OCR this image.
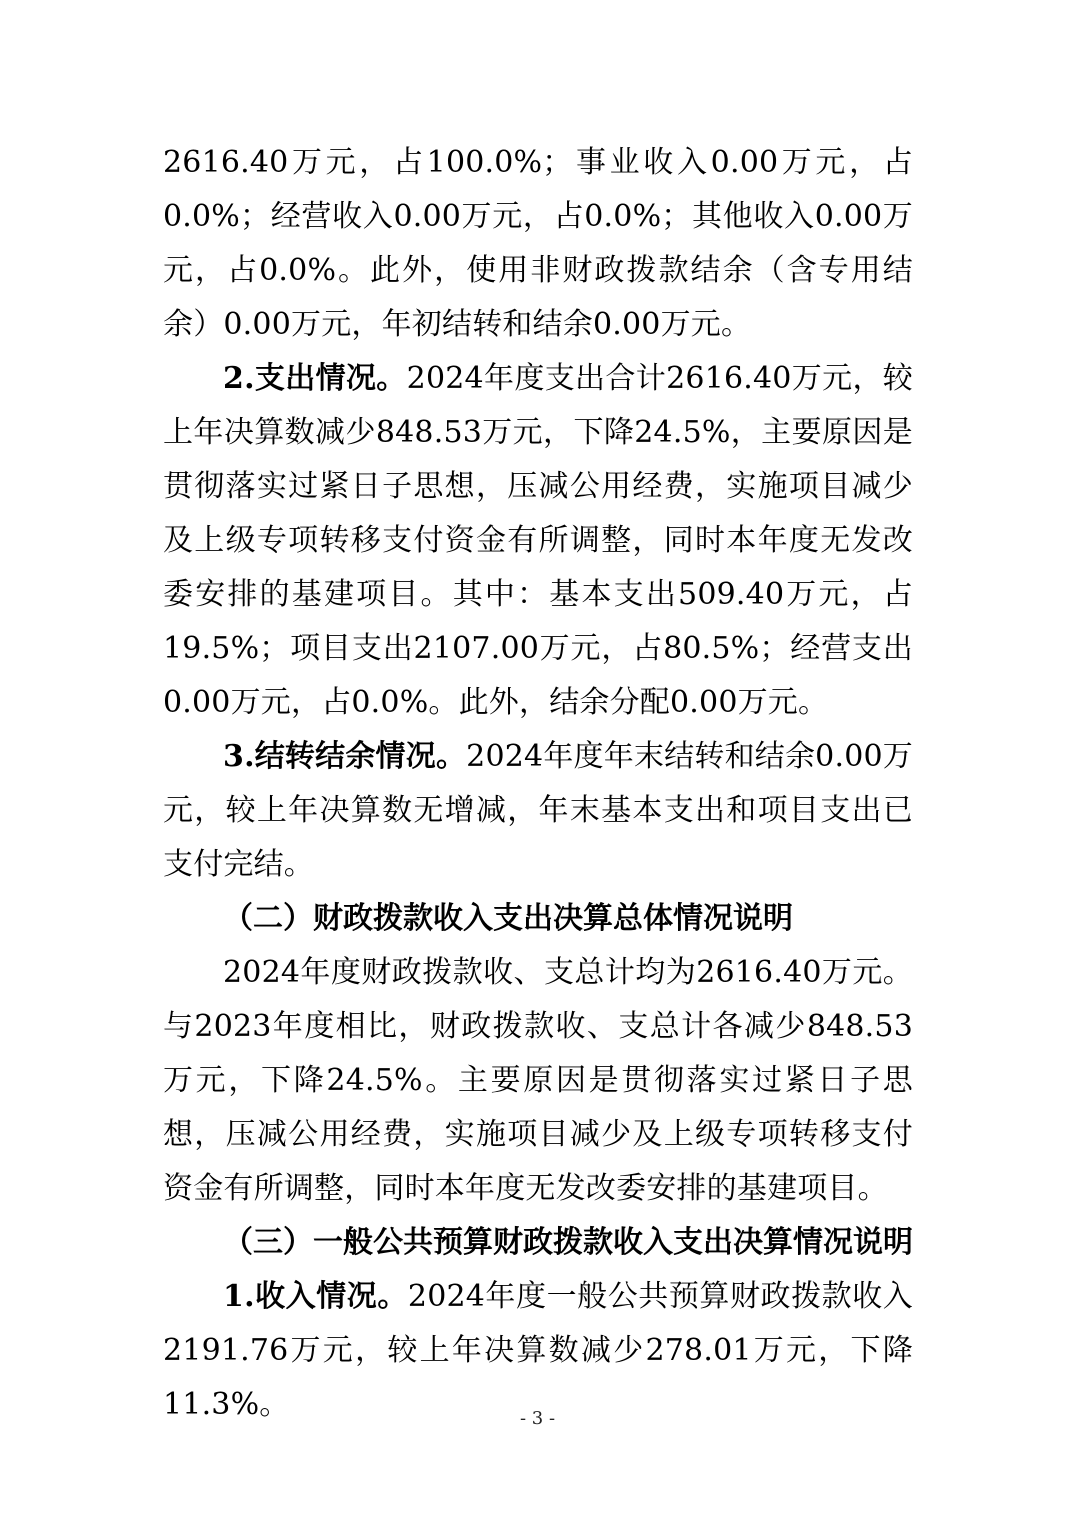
2616.40万元，占100.0%；事业收入0.00万元，占0.0%；经营收入0.00万元，占0.0%；其他收入0.00万元，占0.0%。此外，使用非财政拨款结余（含专用结余）0.00万元，年初结转和结余0.00万元。

2.支出情况。2024年度支出合计2616.40万元，较上年决算数减少848.53万元，下降24.5%，主要原因是贯彻落实过紧日子思想，压减公用经费，实施项目减少及上级专项转移支付资金有所调整，同时本年度无发改委安排的基建项目。其中：基本支出509.40万元，占19.5%；项目支出2107.00万元，占80.5%；经营支出0.00万元，占0.0%。此外，结余分配0.00万元。

3.结转结余情况。2024年度年末结转和结余0.00万元，较上年决算数无增减，年末基本支出和项目支出已支付完结。

（二）财政拨款收入支出决算总体情况说明

2024年度财政拨款收、支总计均为2616.40万元。与2023年度相比，财政拨款收、支总计各减少848.53万元，下降24.5%。主要原因是贯彻落实过紧日子思想，压减公用经费，实施项目减少及上级专项转移支付资金有所调整，同时本年度无发改委安排的基建项目。

（三）一般公共预算财政拨款收入支出决算情况说明

1.收入情况。2024年度一般公共预算财政拨款收入2191.76万元，较上年决算数减少278.01万元，下降11.3%。	- 3 -
